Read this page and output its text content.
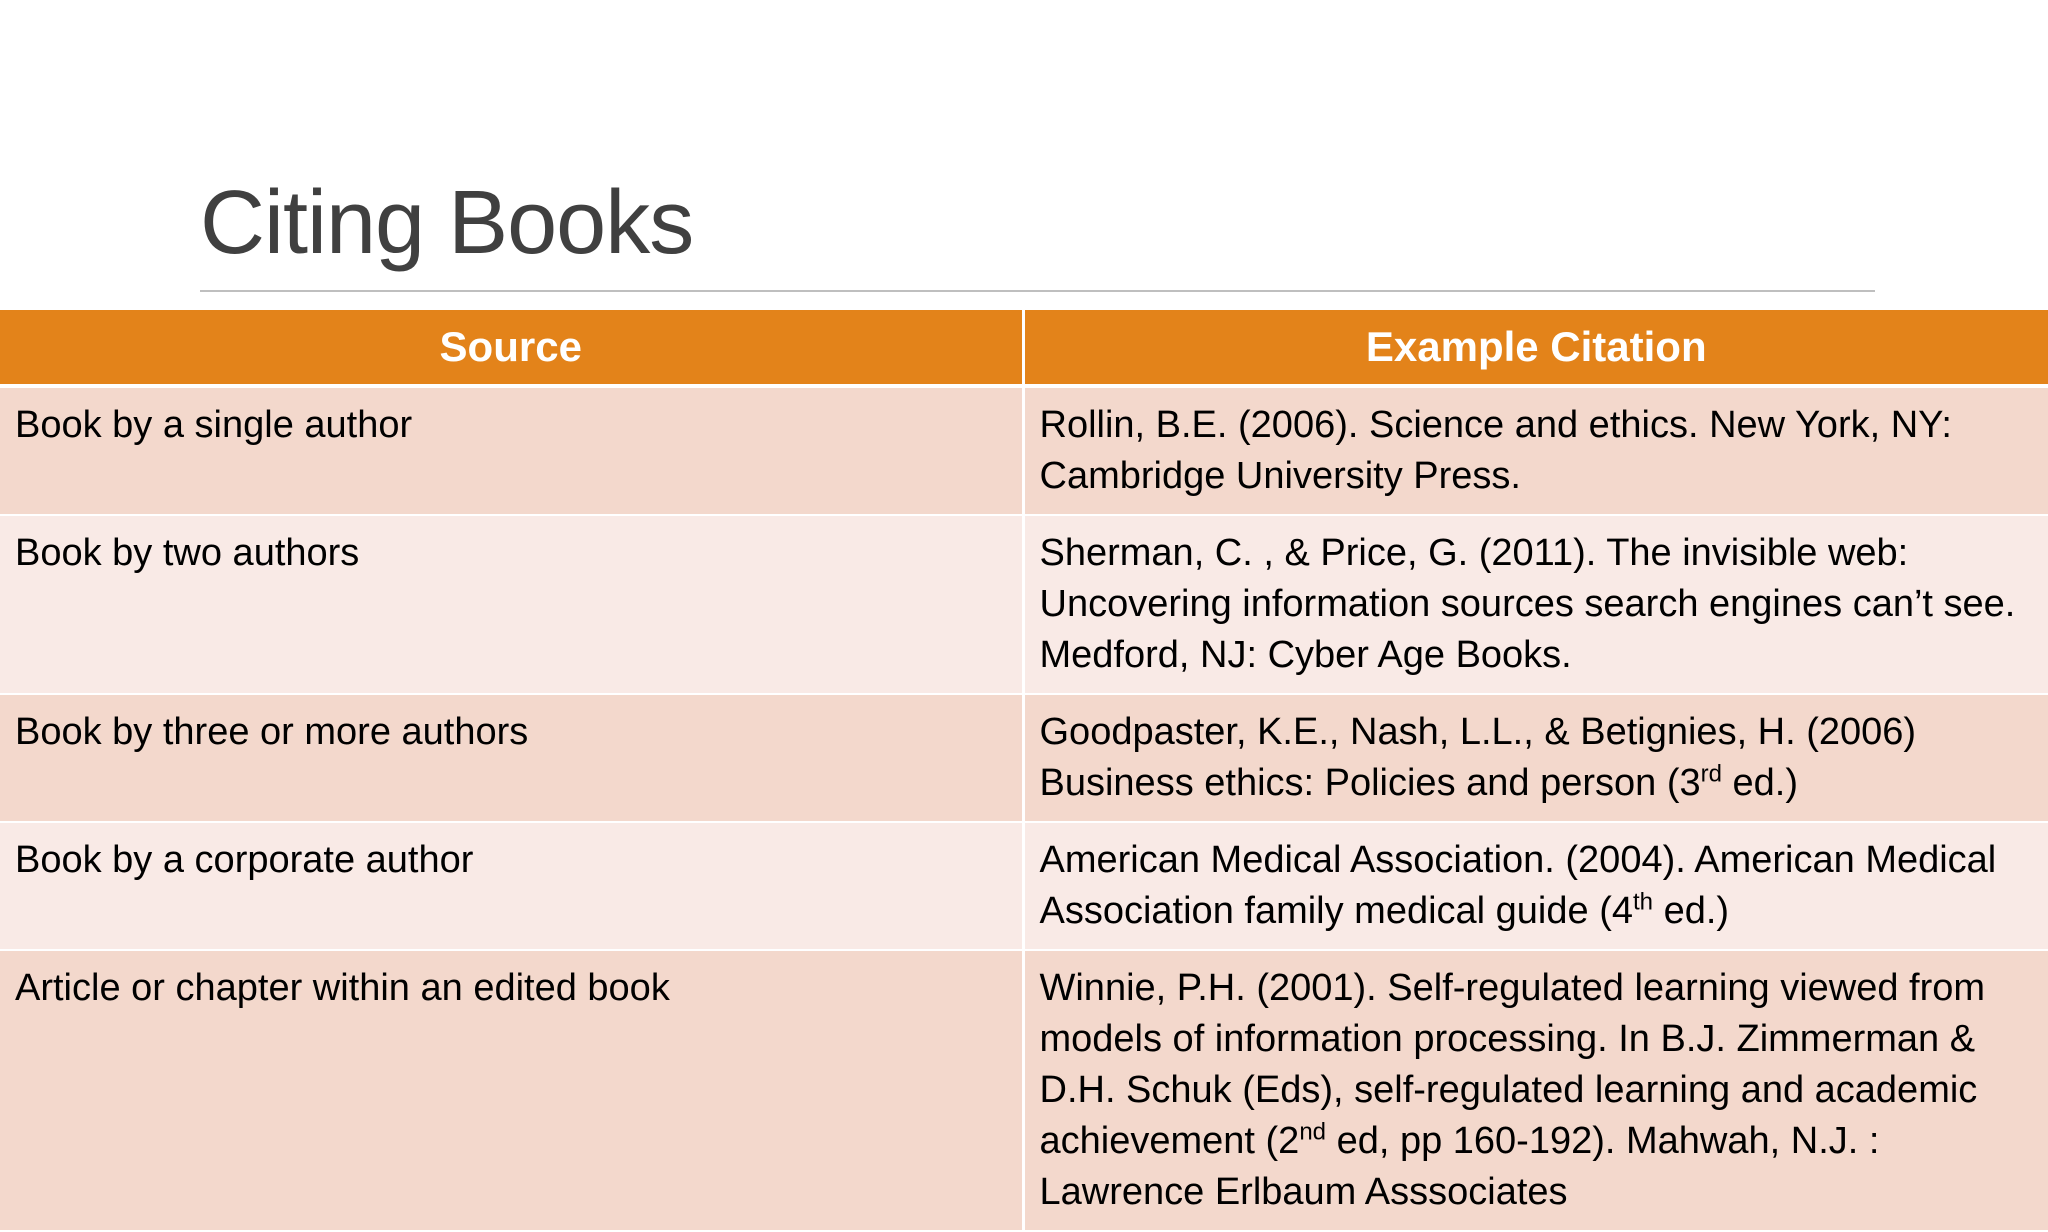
Citing Books
Source	Example Citation
Book by a single author	Rollin, B.E. (2006). Science and ethics. New York, NY: Cambridge University Press.
Book by two authors	Sherman, C. , & Price, G. (2011). The invisible web: Uncovering information sources search engines can’t see. Medford, NJ: Cyber Age Books.
Book by three or more authors	Goodpaster, K.E., Nash, L.L., & Betignies, H. (2006) Business ethics: Policies and person (3rd ed.)
Book by a corporate author	American Medical Association. (2004). American Medical Association family medical guide (4th ed.)
Article or chapter within an edited book	Winnie, P.H. (2001). Self-regulated learning viewed from models of information processing. In B.J. Zimmerman & D.H. Schuk (Eds), self-regulated learning and academic achievement (2nd ed, pp 160-192). Mahwah, N.J. : Lawrence Erlbaum Asssociates
